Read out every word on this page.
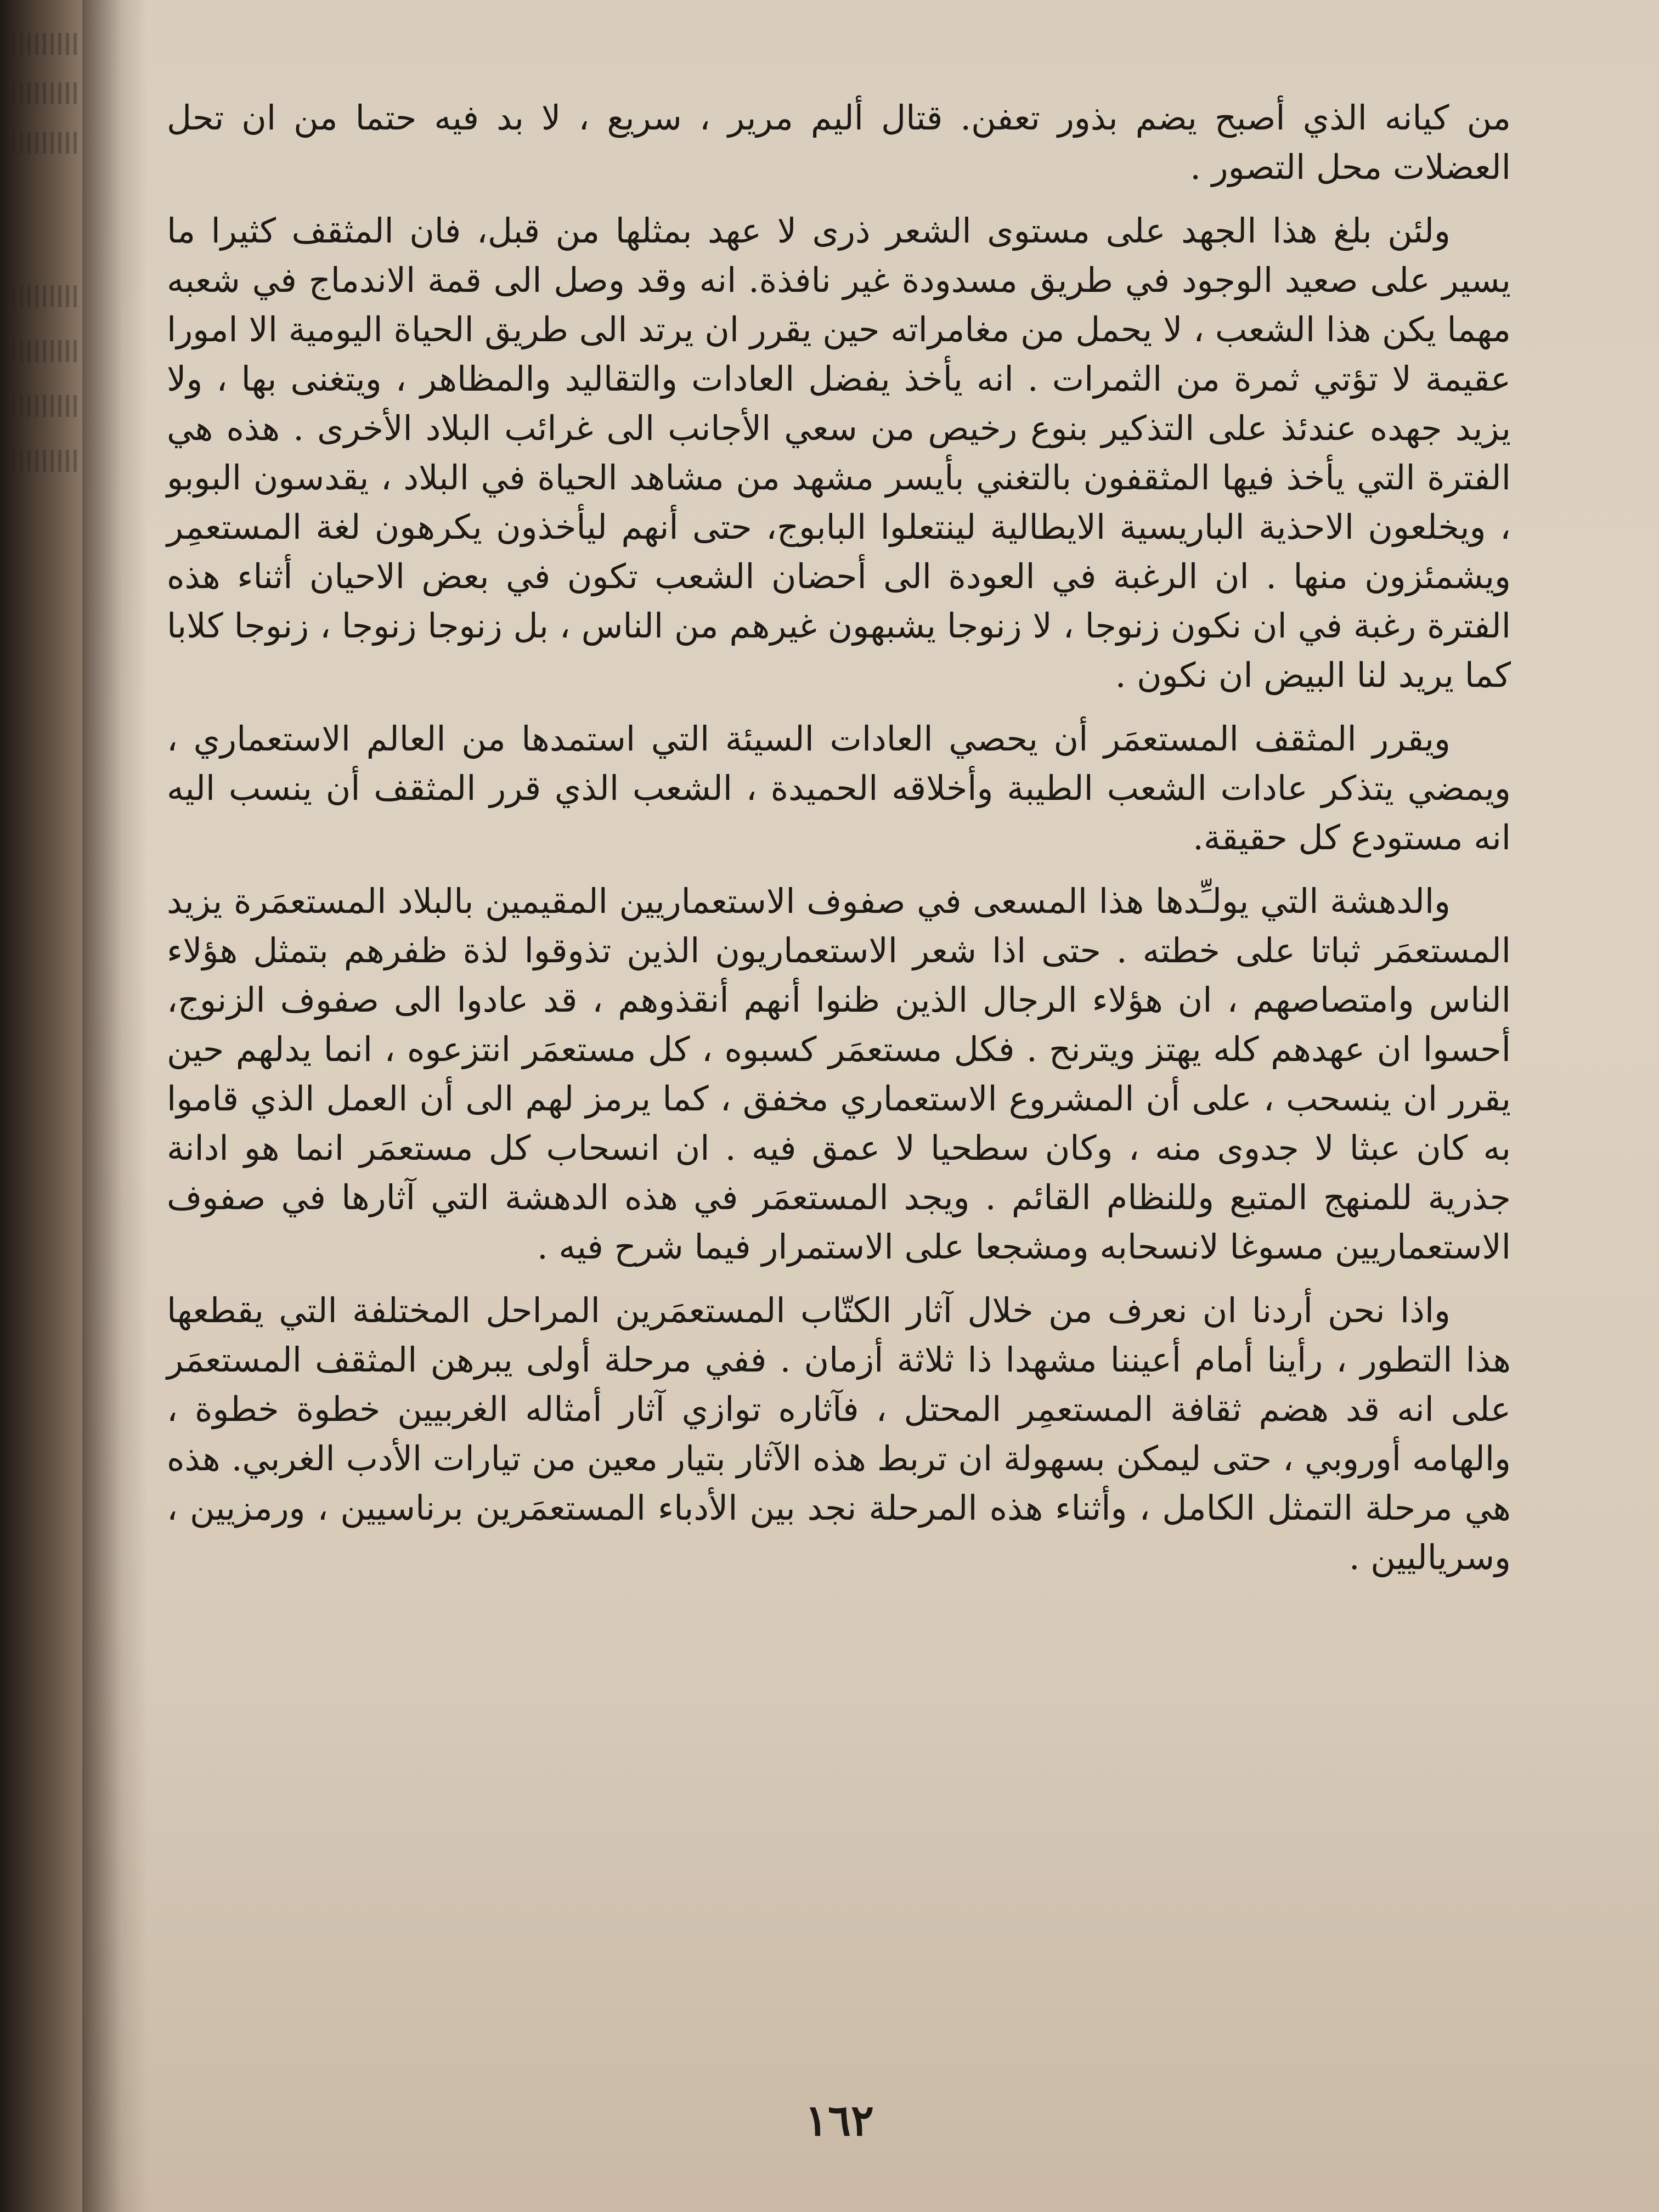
من كيانه الذي أصبح يضم بذور تعفن. قتال أليم مرير ، سريع ، لا بد فيه حتما من ان تحل العضلات محل التصور .

ولئن بلغ هذا الجهد على مستوى الشعر ذرى لا عهد بمثلها من قبل، فان المثقف كثيرا ما يسير على صعيد الوجود في طريق مسدودة غير نافذة. انه وقد وصل الى قمة الاندماج في شعبه مهما يكن هذا الشعب ، لا يحمل من مغامراته حين يقرر ان يرتد الى طريق الحياة اليومية الا امورا عقيمة لا تؤتي ثمرة من الثمرات . انه يأخذ يفضل العادات والتقاليد والمظاهر ، ويتغنى بها ، ولا يزيد جهده عندئذ على التذكير بنوع رخيص من سعي الأجانب الى غرائب البلاد الأخرى . هذه هي الفترة التي يأخذ فيها المثقفون بالتغني بأيسر مشهد من مشاهد الحياة في البلاد ، يقدسون البوبو ، ويخلعون الاحذية الباريسية الايطالية لينتعلوا البابوج، حتى أنهم ليأخذون يكرهون لغة المستعمِر ويشمئزون منها . ان الرغبة في العودة الى أحضان الشعب تكون في بعض الاحيان أثناء هذه الفترة رغبة في ان نكون زنوجا ، لا زنوجا يشبهون غيرهم من الناس ، بل زنوجا زنوجا ، زنوجا كلابا كما يريد لنا البيض ان نكون .

ويقرر المثقف المستعمَر أن يحصي العادات السيئة التي استمدها من العالم الاستعماري ، ويمضي يتذكر عادات الشعب الطيبة وأخلاقه الحميدة ، الشعب الذي قرر المثقف أن ينسب اليه انه مستودع كل حقيقة.

والدهشة التي يولـِّدها هذا المسعى في صفوف الاستعماريين المقيمين بالبلاد المستعمَرة يزيد المستعمَر ثباتا على خطته . حتى اذا شعر الاستعماريون الذين تذوقوا لذة ظفرهم بتمثل هؤلاء الناس وامتصاصهم ، ان هؤلاء الرجال الذين ظنوا أنهم أنقذوهم ، قد عادوا الى صفوف الزنوج، أحسوا ان عهدهم كله يهتز ويترنح . فكل مستعمَر كسبوه ، كل مستعمَر انتزعوه ، انما يدلهم حين يقرر ان ينسحب ، على أن المشروع الاستعماري مخفق ، كما يرمز لهم الى أن العمل الذي قاموا به كان عبثا لا جدوى منه ، وكان سطحيا لا عمق فيه . ان انسحاب كل مستعمَر انما هو ادانة جذرية للمنهج المتبع وللنظام القائم . ويجد المستعمَر في هذه الدهشة التي آثارها في صفوف الاستعماريين مسوغا لانسحابه ومشجعا على الاستمرار فيما شرح فيه .

واذا نحن أردنا ان نعرف من خلال آثار الكتّاب المستعمَرين المراحل المختلفة التي يقطعها هذا التطور ، رأينا أمام أعيننا مشهدا ذا ثلاثة أزمان . ففي مرحلة أولى يبرهن المثقف المستعمَر على انه قد هضم ثقافة المستعمِر المحتل ، فآثاره توازي آثار أمثاله الغربيين خطوة خطوة ، والهامه أوروبي ، حتى ليمكن بسهولة ان تربط هذه الآثار بتيار معين من تيارات الأدب الغربي. هذه هي مرحلة التمثل الكامل ، وأثناء هذه المرحلة نجد بين الأدباء المستعمَرين برناسيين ، ورمزيين ، وسرياليين .

١٦٢
